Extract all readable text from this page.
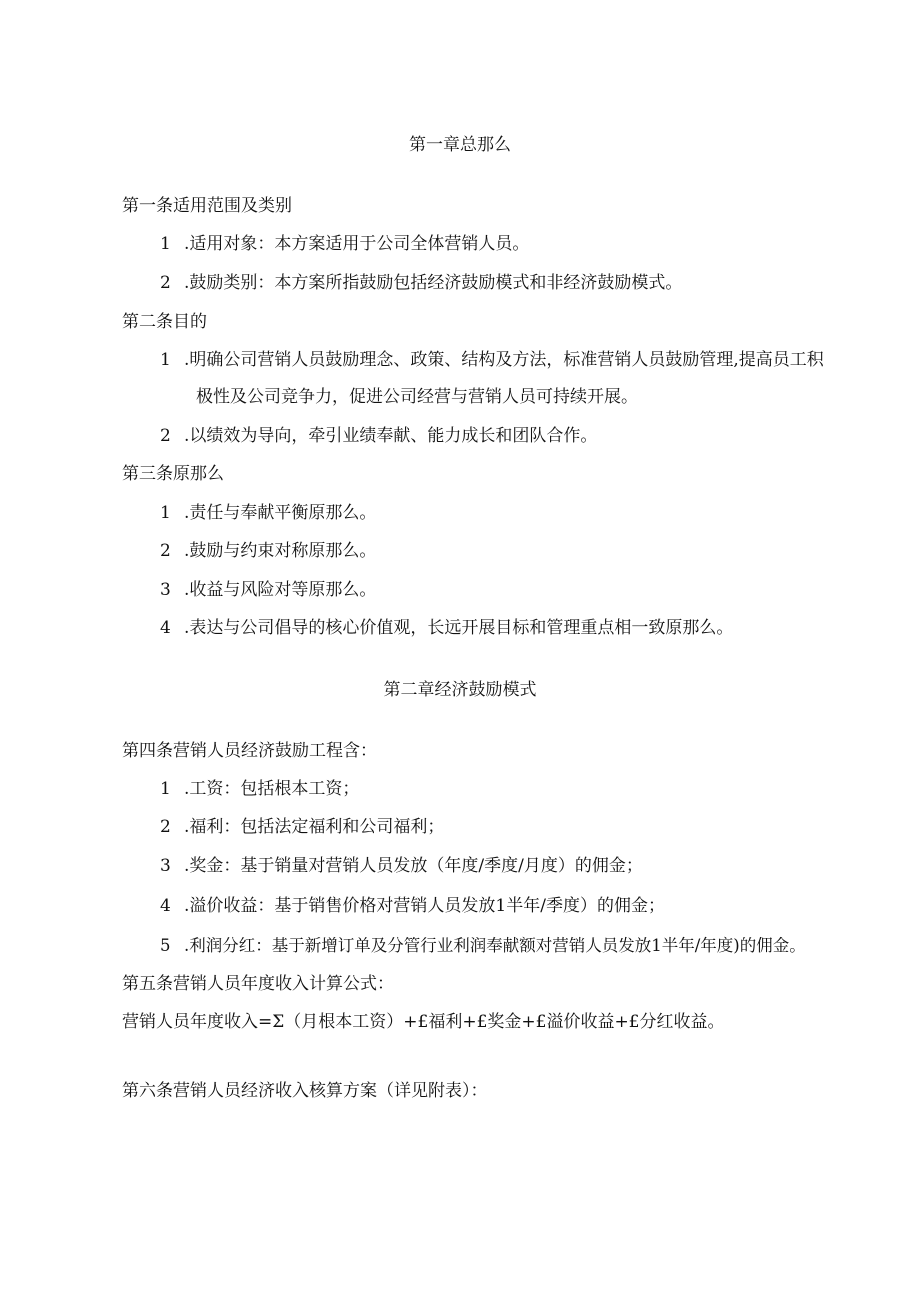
第一章总那么
第一条适用范围及类别
1 .适用对象：本方案适用于公司全体营销人员。
2 .鼓励类别：本方案所指鼓励包括经济鼓励模式和非经济鼓励模式。
第二条目的
1 .明确公司营销人员鼓励理念、政策、结构及方法，标准营销人员鼓励管理,提高员工积
极性及公司竞争力，促进公司经营与营销人员可持续开展。
2 .以绩效为导向，牵引业绩奉献、能力成长和团队合作。
第三条原那么
1 .责任与奉献平衡原那么。
2 .鼓励与约束对称原那么。
3 .收益与风险对等原那么。
4 .表达与公司倡导的核心价值观，长远开展目标和管理重点相一致原那么。
第二章经济鼓励模式
第四条营销人员经济鼓励工程含：
1 .工资：包括根本工资；
2 .福利：包括法定福利和公司福利；
3 .奖金：基于销量对营销人员发放（年度/季度/月度）的佣金；
4 .溢价收益：基于销售价格对营销人员发放1半年/季度）的佣金；
5 .利润分红：基于新增订单及分管行业利润奉献额对营销人员发放1半年/年度)的佣金。
第五条营销人员年度收入计算公式：
营销人员年度收入=Σ（月根本工资）+£福利+£奖金+£溢价收益+£分红收益。
第六条营销人员经济收入核算方案（详见附表）：
